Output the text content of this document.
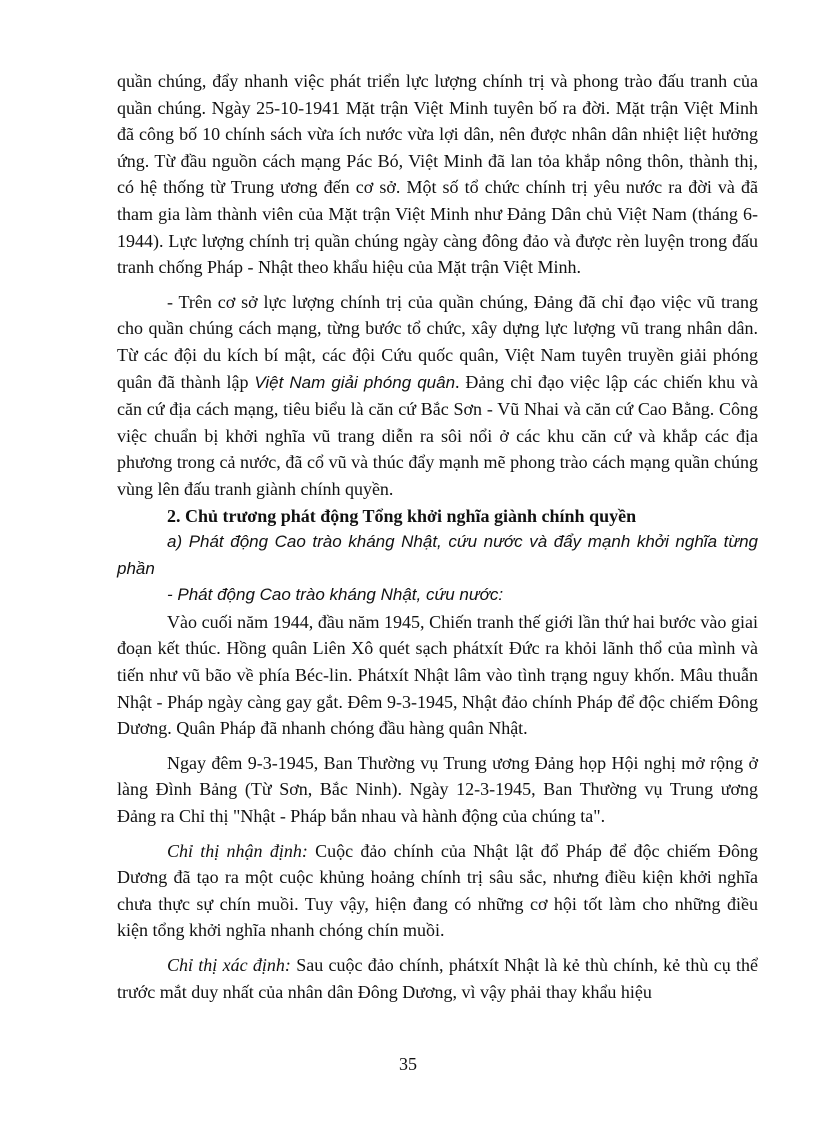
quần chúng, đẩy nhanh việc phát triển lực lượng chính trị và phong trào đấu tranh của quần chúng. Ngày 25-10-1941 Mặt trận Việt Minh tuyên bố ra đời. Mặt trận Việt Minh đã công bố 10 chính sách vừa ích nước vừa lợi dân, nên được nhân dân nhiệt liệt hưởng ứng. Từ đầu nguồn cách mạng Pác Bó, Việt Minh đã lan tỏa khắp nông thôn, thành thị, có hệ thống từ Trung ương đến cơ sở. Một số tổ chức chính trị yêu nước ra đời và đã tham gia làm thành viên của Mặt trận Việt Minh như Đảng Dân chủ Việt Nam (tháng 6-1944). Lực lượng chính trị quần chúng ngày càng đông đảo và được rèn luyện trong đấu tranh chống Pháp - Nhật theo khẩu hiệu của Mặt trận Việt Minh.

- Trên cơ sở lực lượng chính trị của quần chúng, Đảng đã chỉ đạo việc vũ trang cho quần chúng cách mạng, từng bước tổ chức, xây dựng lực lượng vũ trang nhân dân. Từ các đội du kích bí mật, các đội Cứu quốc quân, Việt Nam tuyên truyền giải phóng quân đã thành lập Việt Nam giải phóng quân. Đảng chỉ đạo việc lập các chiến khu và căn cứ địa cách mạng, tiêu biểu là căn cứ Bắc Sơn - Vũ Nhai và căn cứ Cao Bằng. Công việc chuẩn bị khởi nghĩa vũ trang diễn ra sôi nổi ở các khu căn cứ và khắp các địa phương trong cả nước, đã cổ vũ và thúc đẩy mạnh mẽ phong trào cách mạng quần chúng vùng lên đấu tranh giành chính quyền.

2. Chủ trương phát động Tổng khởi nghĩa giành chính quyền

a) Phát động Cao trào kháng Nhật, cứu nước và đẩy mạnh khởi nghĩa từng phần

- Phát động Cao trào kháng Nhật, cứu nước:

Vào cuối năm 1944, đầu năm 1945, Chiến tranh thế giới lần thứ hai bước vào giai đoạn kết thúc. Hồng quân Liên Xô quét sạch phátxít Đức ra khỏi lãnh thổ của mình và tiến như vũ bão về phía Béc-lin. Phátxít Nhật lâm vào tình trạng nguy khốn. Mâu thuẫn Nhật - Pháp ngày càng gay gắt. Đêm 9-3-1945, Nhật đảo chính Pháp để độc chiếm Đông Dương. Quân Pháp đã nhanh chóng đầu hàng quân Nhật.

Ngay đêm 9-3-1945, Ban Thường vụ Trung ương Đảng họp Hội nghị mở rộng ở làng Đình Bảng (Từ Sơn, Bắc Ninh). Ngày 12-3-1945, Ban Thường vụ Trung ương Đảng ra Chỉ thị "Nhật - Pháp bắn nhau và hành động của chúng ta".

Chỉ thị nhận định: Cuộc đảo chính của Nhật lật đổ Pháp để độc chiếm Đông Dương đã tạo ra một cuộc khủng hoảng chính trị sâu sắc, nhưng điều kiện khởi nghĩa chưa thực sự chín muồi. Tuy vậy, hiện đang có những cơ hội tốt làm cho những điều kiện tổng khởi nghĩa nhanh chóng chín muồi.

Chỉ thị xác định: Sau cuộc đảo chính, phátxít Nhật là kẻ thù chính, kẻ thù cụ thể trước mắt duy nhất của nhân dân Đông Dương, vì vậy phải thay khẩu hiệu

35
